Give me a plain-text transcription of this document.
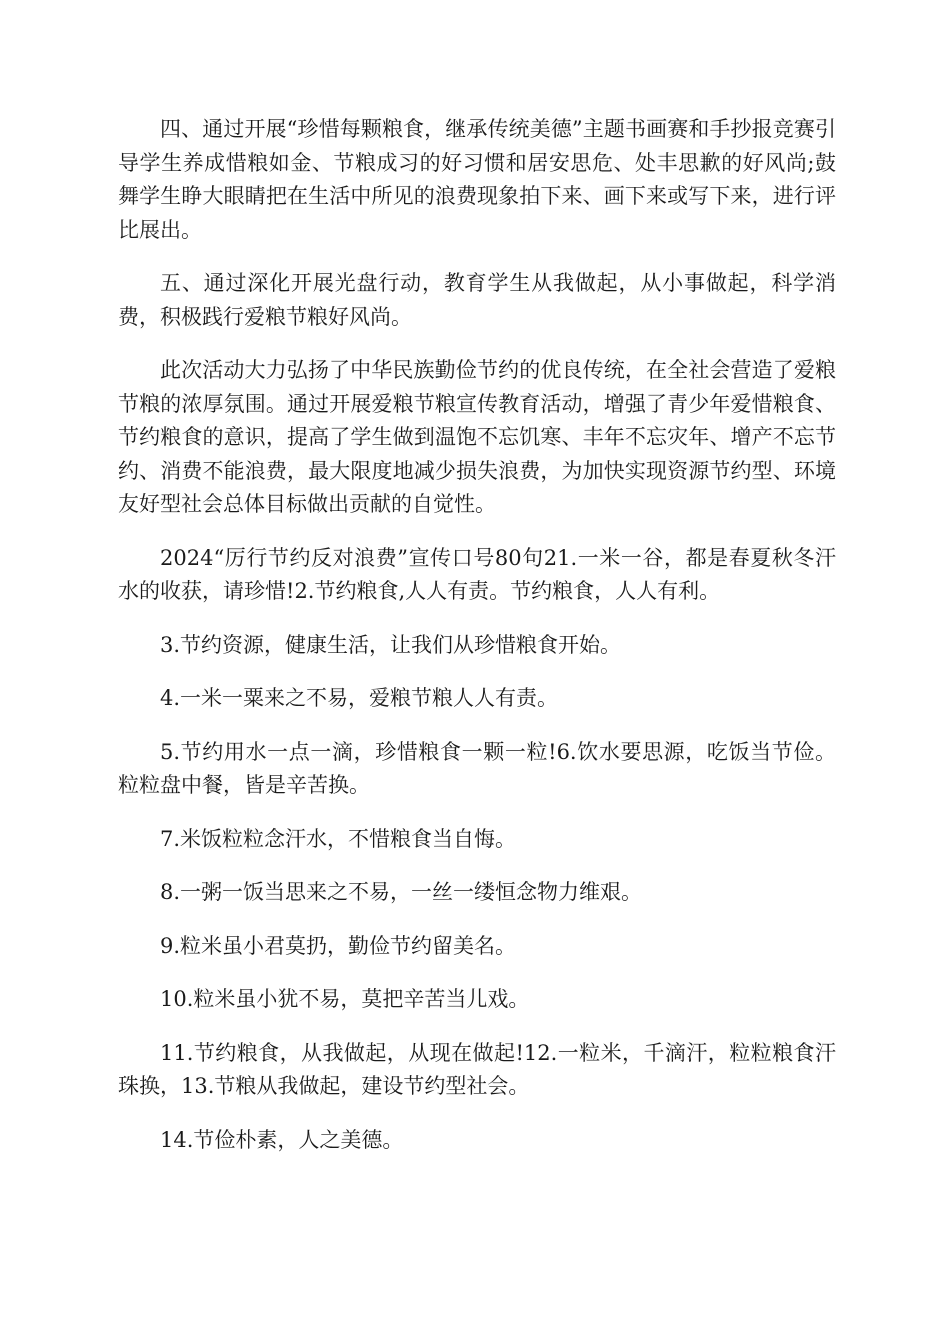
四、通过开展“珍惜每颗粮食，继承传统美德”主题书画赛和手抄报竞赛引导学生养成惜粮如金、节粮成习的好习惯和居安思危、处丰思歉的好风尚;鼓舞学生睁大眼睛把在生活中所见的浪费现象拍下来、画下来或写下来，进行评比展出。

五、通过深化开展光盘行动，教育学生从我做起，从小事做起，科学消费，积极践行爱粮节粮好风尚。

此次活动大力弘扬了中华民族勤俭节约的优良传统，在全社会营造了爱粮节粮的浓厚氛围。通过开展爱粮节粮宣传教育活动，增强了青少年爱惜粮食、节约粮食的意识，提高了学生做到温饱不忘饥寒、丰年不忘灾年、增产不忘节约、消费不能浪费，最大限度地减少损失浪费，为加快实现资源节约型、环境友好型社会总体目标做出贡献的自觉性。

2024“厉行节约反对浪费”宣传口号80句21.一米一谷，都是春夏秋冬汗水的收获，请珍惜!2.节约粮食,人人有责。节约粮食，人人有利。

3.节约资源，健康生活，让我们从珍惜粮食开始。

4.一米一粟来之不易，爱粮节粮人人有责。

5.节约用水一点一滴，珍惜粮食一颗一粒!6.饮水要思源，吃饭当节俭。粒粒盘中餐，皆是辛苦换。

7.米饭粒粒念汗水，不惜粮食当自悔。

8.一粥一饭当思来之不易，一丝一缕恒念物力维艰。

9.粒米虽小君莫扔，勤俭节约留美名。

10.粒米虽小犹不易，莫把辛苦当儿戏。

11.节约粮食，从我做起，从现在做起!12.一粒米，千滴汗，粒粒粮食汗珠换，13.节粮从我做起，建设节约型社会。

14.节俭朴素，人之美德。
